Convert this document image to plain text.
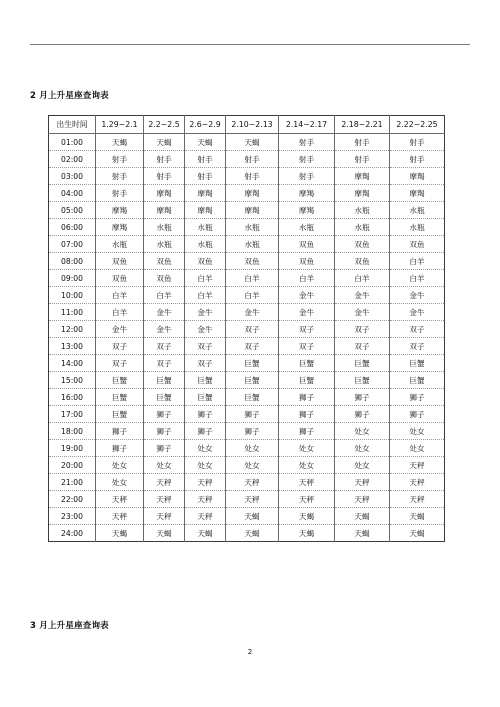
2 月上升星座查询表
出生时间	1.29~2.1	2.2~2.5	2.6~2.9	2.10~2.13	2.14~2.17	2.18~2.21	2.22~2.25
01:00	天蝎	天蝎	天蝎	天蝎	射手	射手	射手
02:00	射手	射手	射手	射手	射手	射手	射手
03:00	射手	射手	射手	射手	射手	摩羯	摩羯
04:00	射手	摩羯	摩羯	摩羯	摩羯	摩羯	摩羯
05:00	摩羯	摩羯	摩羯	摩羯	摩羯	水瓶	水瓶
06:00	摩羯	水瓶	水瓶	水瓶	水瓶	水瓶	水瓶
07:00	水瓶	水瓶	水瓶	水瓶	双鱼	双鱼	双鱼
08:00	双鱼	双鱼	双鱼	双鱼	双鱼	双鱼	白羊
09:00	双鱼	双鱼	白羊	白羊	白羊	白羊	白羊
10:00	白羊	白羊	白羊	白羊	金牛	金牛	金牛
11:00	白羊	金牛	金牛	金牛	金牛	金牛	金牛
12:00	金牛	金牛	金牛	双子	双子	双子	双子
13:00	双子	双子	双子	双子	双子	双子	双子
14:00	双子	双子	双子	巨蟹	巨蟹	巨蟹	巨蟹
15:00	巨蟹	巨蟹	巨蟹	巨蟹	巨蟹	巨蟹	巨蟹
16:00	巨蟹	巨蟹	巨蟹	巨蟹	狮子	狮子	狮子
17:00	巨蟹	狮子	狮子	狮子	狮子	狮子	狮子
18:00	狮子	狮子	狮子	狮子	狮子	处女	处女
19:00	狮子	狮子	处女	处女	处女	处女	处女
20:00	处女	处女	处女	处女	处女	处女	天秤
21:00	处女	天秤	天秤	天秤	天秤	天秤	天秤
22:00	天秤	天秤	天秤	天秤	天秤	天秤	天秤
23:00	天秤	天秤	天秤	天蝎	天蝎	天蝎	天蝎
24:00	天蝎	天蝎	天蝎	天蝎	天蝎	天蝎	天蝎
3 月上升星座查询表
2
